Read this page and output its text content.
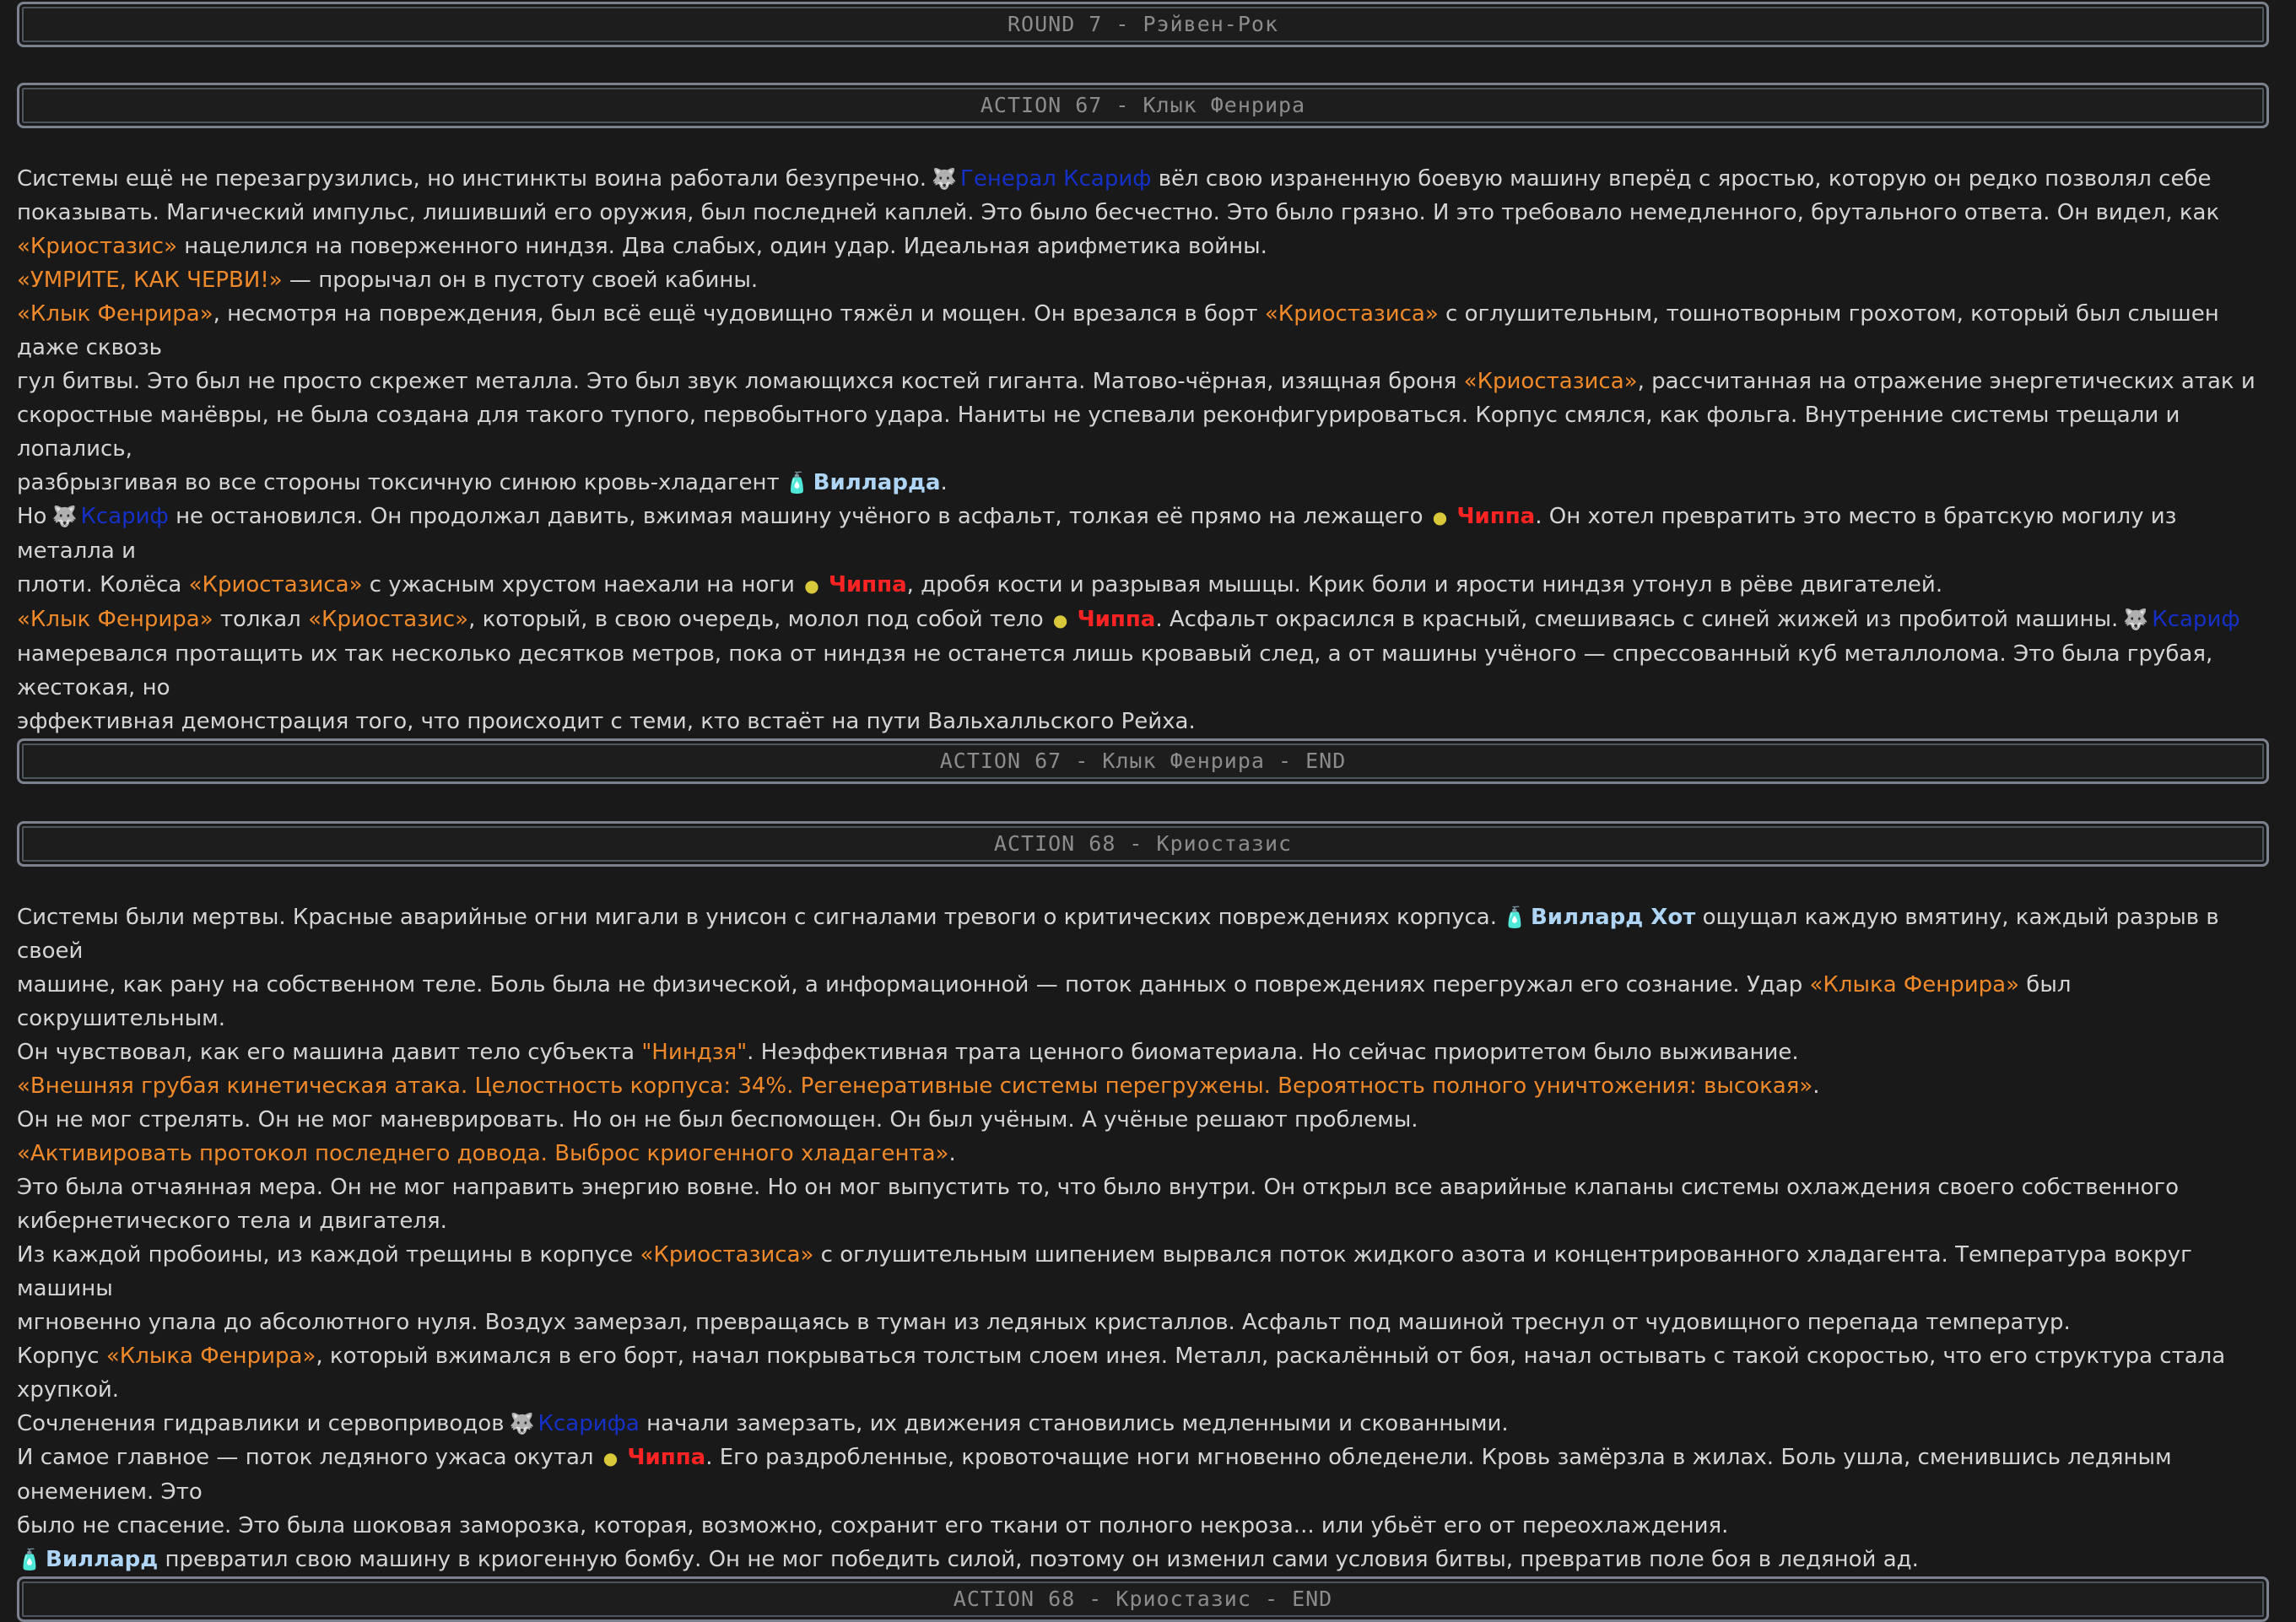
ROUND 7 - Рэйвен-Рок
ACTION 67 - Клык Фенрира

Системы ещё не перезагрузились, но инстинкты воина работали безупречно. 🐺 Генерал Ксариф вёл свою израненную боевую машину вперёд с яростью, которую он редко позволял себе

показывать. Магический импульс, лишивший его оружия, был последней каплей. Это было бесчестно. Это было грязно. И это требовало немедленного, брутального ответа. Он видел, как

«Криостазис» нацелился на поверженного ниндзя. Два слабых, один удар. Идеальная арифметика войны.

«УМРИТЕ, КАК ЧЕРВИ!» — прорычал он в пустоту своей кабины.

«Клык Фенрира», несмотря на повреждения, был всё ещё чудовищно тяжёл и мощен. Он врезался в борт «Криостазиса» с оглушительным, тошнотворным грохотом, который был слышен даже сквозь

гул битвы. Это был не просто скрежет металла. Это был звук ломающихся костей гиганта. Матово-чёрная, изящная броня «Криостазиса», рассчитанная на отражение энергетических атак и

скоростные манёвры, не была создана для такого тупого, первобытного удара. Наниты не успевали реконфигурироваться. Корпус смялся, как фольга. Внутренние системы трещали и лопались,

разбрызгивая во все стороны токсичную синюю кровь-хладагент 🧴 Вилларда.

Но 🐺 Ксариф не остановился. Он продолжал давить, вжимая машину учёного в асфальт, толкая её прямо на лежащего ● Чиппа. Он хотел превратить это место в братскую могилу из металла и

плоти. Колёса «Криостазиса» с ужасным хрустом наехали на ноги ● Чиппа, дробя кости и разрывая мышцы. Крик боли и ярости ниндзя утонул в рёве двигателей.

«Клык Фенрира» толкал «Криостазис», который, в свою очередь, молол под собой тело ● Чиппа. Асфальт окрасился в красный, смешиваясь с синей жижей из пробитой машины. 🐺 Ксариф

намеревался протащить их так несколько десятков метров, пока от ниндзя не останется лишь кровавый след, а от машины учёного — спрессованный куб металлолома. Это была грубая, жестокая, но

эффективная демонстрация того, что происходит с теми, кто встаёт на пути Вальхалльского Рейха.

ACTION 67 - Клык Фенрира - END
ACTION 68 - Криостазис

Системы были мертвы. Красные аварийные огни мигали в унисон с сигналами тревоги о критических повреждениях корпуса. 🧴 Виллард Хот ощущал каждую вмятину, каждый разрыв в своей

машине, как рану на собственном теле. Боль была не физической, а информационной — поток данных о повреждениях перегружал его сознание. Удар «Клыка Фенрира» был сокрушительным.

Он чувствовал, как его машина давит тело субъекта "Ниндзя". Неэффективная трата ценного биоматериала. Но сейчас приоритетом было выживание.

«Внешняя грубая кинетическая атака. Целостность корпуса: 34%. Регенеративные системы перегружены. Вероятность полного уничтожения: высокая».

Он не мог стрелять. Он не мог маневрировать. Но он не был беспомощен. Он был учёным. А учёные решают проблемы.

«Активировать протокол последнего довода. Выброс криогенного хладагента».

Это была отчаянная мера. Он не мог направить энергию вовне. Но он мог выпустить то, что было внутри. Он открыл все аварийные клапаны системы охлаждения своего собственного

кибернетического тела и двигателя.

Из каждой пробоины, из каждой трещины в корпусе «Криостазиса» с оглушительным шипением вырвался поток жидкого азота и концентрированного хладагента. Температура вокруг машины

мгновенно упала до абсолютного нуля. Воздух замерзал, превращаясь в туман из ледяных кристаллов. Асфальт под машиной треснул от чудовищного перепада температур.

Корпус «Клыка Фенрира», который вжимался в его борт, начал покрываться толстым слоем инея. Металл, раскалённый от боя, начал остывать с такой скоростью, что его структура стала хрупкой.

Сочленения гидравлики и сервоприводов 🐺 Ксарифа начали замерзать, их движения становились медленными и скованными.

И самое главное — поток ледяного ужаса окутал ● Чиппа. Его раздробленные, кровоточащие ноги мгновенно обледенели. Кровь замёрзла в жилах. Боль ушла, сменившись ледяным онемением. Это

было не спасение. Это была шоковая заморозка, которая, возможно, сохранит его ткани от полного некроза... или убьёт его от переохлаждения.

🧴 Виллард превратил свою машину в криогенную бомбу. Он не мог победить силой, поэтому он изменил сами условия битвы, превратив поле боя в ледяной ад.

ACTION 68 - Криостазис - END
